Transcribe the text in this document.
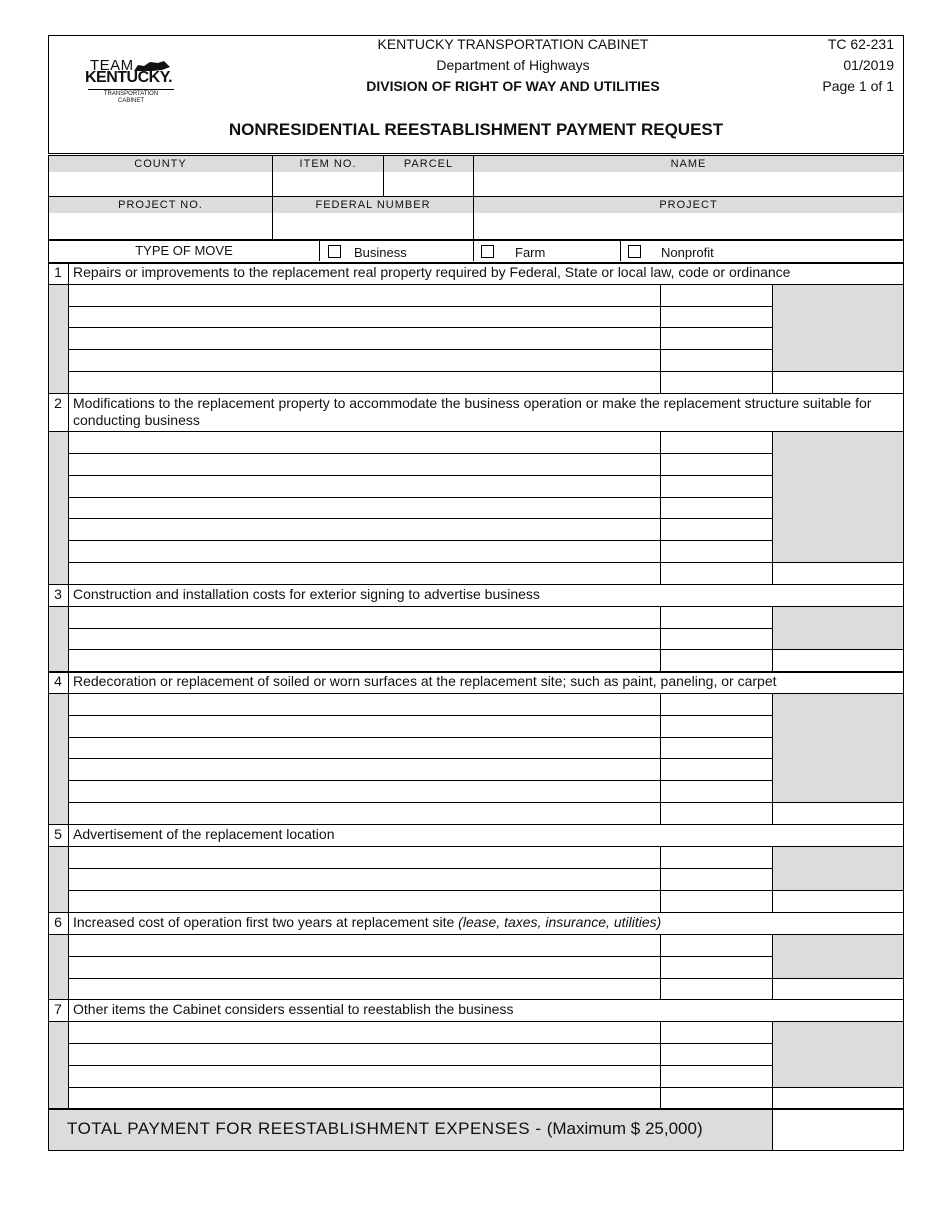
TEAM
KENTUCKY.
TRANSPORTATION
CABINET
KENTUCKY TRANSPORTATION CABINET
Department of Highways
DIVISION OF RIGHT OF WAY AND UTILITIES
TC 62-231
01/2019
Page 1 of 1
NONRESIDENTIAL REESTABLISHMENT PAYMENT REQUEST
COUNTY	ITEM NO.	PARCEL	NAME
PROJECT NO.	FEDERAL NUMBER	PROJECT
TYPE OF MOVE	Business	Farm	Nonprofit
1 Repairs or improvements to the replacement real property required by Federal, State or local law, code or ordinance
2 Modifications to the replacement property to accommodate the business operation or make the replacement structure suitable for conducting business
3 Construction and installation costs for exterior signing to advertise business
4 Redecoration or replacement of soiled or worn surfaces at the replacement site; such as paint, paneling, or carpet
5 Advertisement of the replacement location
6 Increased cost of operation first two years at replacement site (lease, taxes, insurance, utilities)
7 Other items the Cabinet considers essential to reestablish the business
TOTAL PAYMENT FOR REESTABLISHMENT EXPENSES - (Maximum $ 25,000)
